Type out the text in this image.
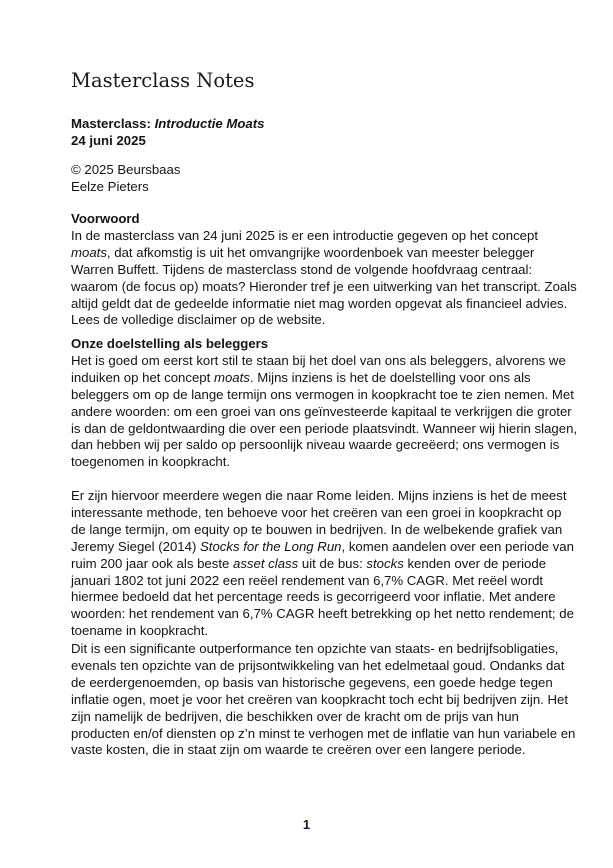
Masterclass Notes
Masterclass: Introductie Moats
24 juni 2025
© 2025 Beursbaas
Eelze Pieters
Voorwoord
In de masterclass van 24 juni 2025 is er een introductie gegeven op het concept
moats, dat afkomstig is uit het omvangrijke woordenboek van meester belegger
Warren Buffett. Tijdens de masterclass stond de volgende hoofdvraag centraal:
waarom (de focus op) moats? Hieronder tref je een uitwerking van het transcript. Zoals
altijd geldt dat de gedeelde informatie niet mag worden opgevat als financieel advies.
Lees de volledige disclaimer op de website.
Onze doelstelling als beleggers
Het is goed om eerst kort stil te staan bij het doel van ons als beleggers, alvorens we
induiken op het concept moats. Mijns inziens is het de doelstelling voor ons als
beleggers om op de lange termijn ons vermogen in koopkracht toe te zien nemen. Met
andere woorden: om een groei van ons geïnvesteerde kapitaal te verkrijgen die groter
is dan de geldontwaarding die over een periode plaatsvindt. Wanneer wij hierin slagen,
dan hebben wij per saldo op persoonlijk niveau waarde gecreëerd; ons vermogen is
toegenomen in koopkracht.
Er zijn hiervoor meerdere wegen die naar Rome leiden. Mijns inziens is het de meest
interessante methode, ten behoeve voor het creëren van een groei in koopkracht op
de lange termijn, om equity op te bouwen in bedrijven. In de welbekende grafiek van
Jeremy Siegel (2014) Stocks for the Long Run, komen aandelen over een periode van
ruim 200 jaar ook als beste asset class uit de bus: stocks kenden over de periode
januari 1802 tot juni 2022 een reëel rendement van 6,7% CAGR. Met reëel wordt
hiermee bedoeld dat het percentage reeds is gecorrigeerd voor inflatie. Met andere
woorden: het rendement van 6,7% CAGR heeft betrekking op het netto rendement; de
toename in koopkracht.
Dit is een significante outperformance ten opzichte van staats- en bedrijfsobligaties,
evenals ten opzichte van de prijsontwikkeling van het edelmetaal goud. Ondanks dat
de eerdergenoemden, op basis van historische gegevens, een goede hedge tegen
inflatie ogen, moet je voor het creëren van koopkracht toch echt bij bedrijven zijn. Het
zijn namelijk de bedrijven, die beschikken over de kracht om de prijs van hun
producten en/of diensten op z’n minst te verhogen met de inflatie van hun variabele en
vaste kosten, die in staat zijn om waarde te creëren over een langere periode.
1
